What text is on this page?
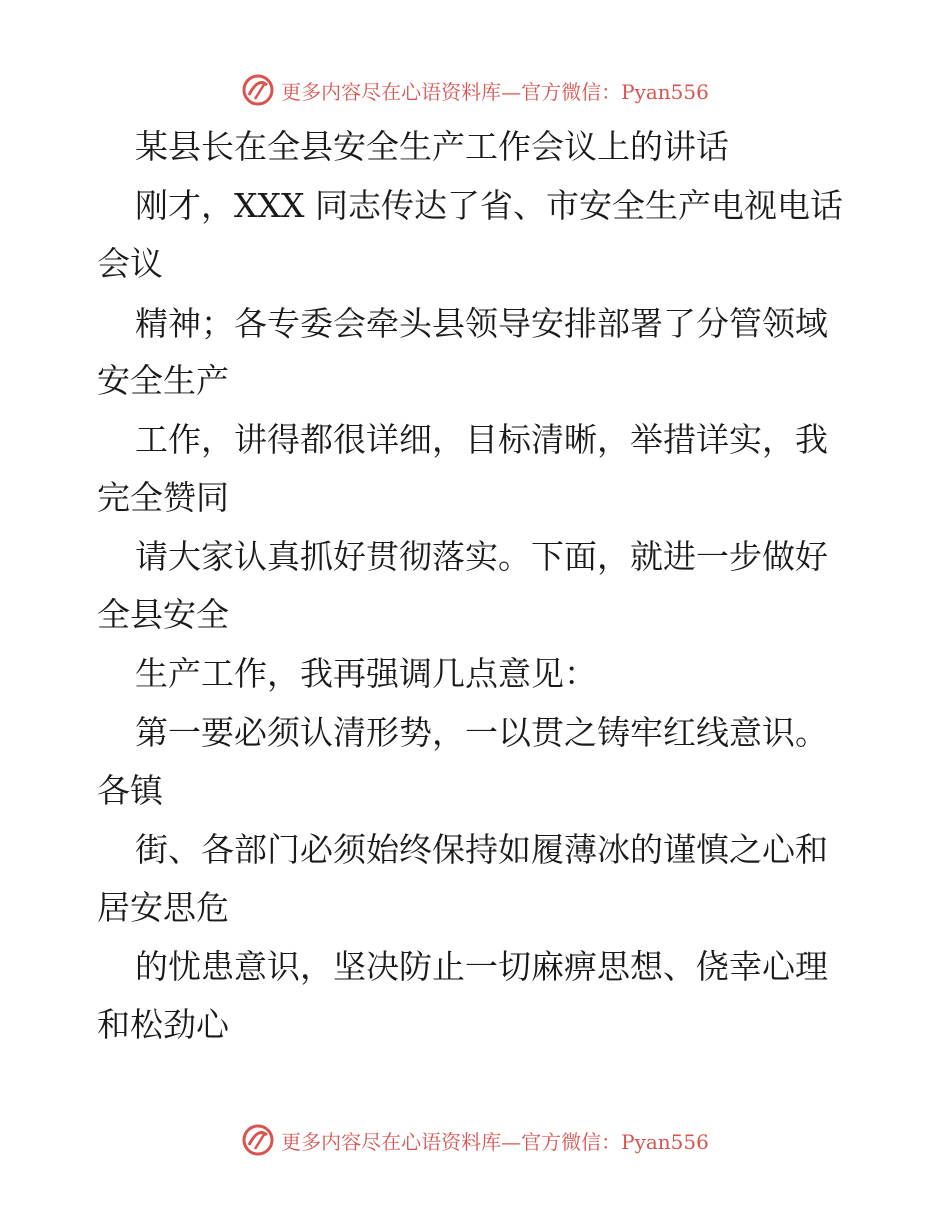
更多内容尽在心语资料库—官方微信：Pyan556
某县长在全县安全生产工作会议上的讲话
刚才，XXX 同志传达了省、市安全生产电视电话
会议
精神；各专委会牵头县领导安排部署了分管领域
安全生产
工作，讲得都很详细，目标清晰，举措详实，我
完全赞同
请大家认真抓好贯彻落实。下面，就进一步做好
全县安全
生产工作，我再强调几点意见：
第一要必须认清形势，一以贯之铸牢红线意识。
各镇
街、各部门必须始终保持如履薄冰的谨慎之心和
居安思危
的忧患意识，坚决防止一切麻痹思想、侥幸心理
和松劲心
更多内容尽在心语资料库—官方微信：Pyan556
